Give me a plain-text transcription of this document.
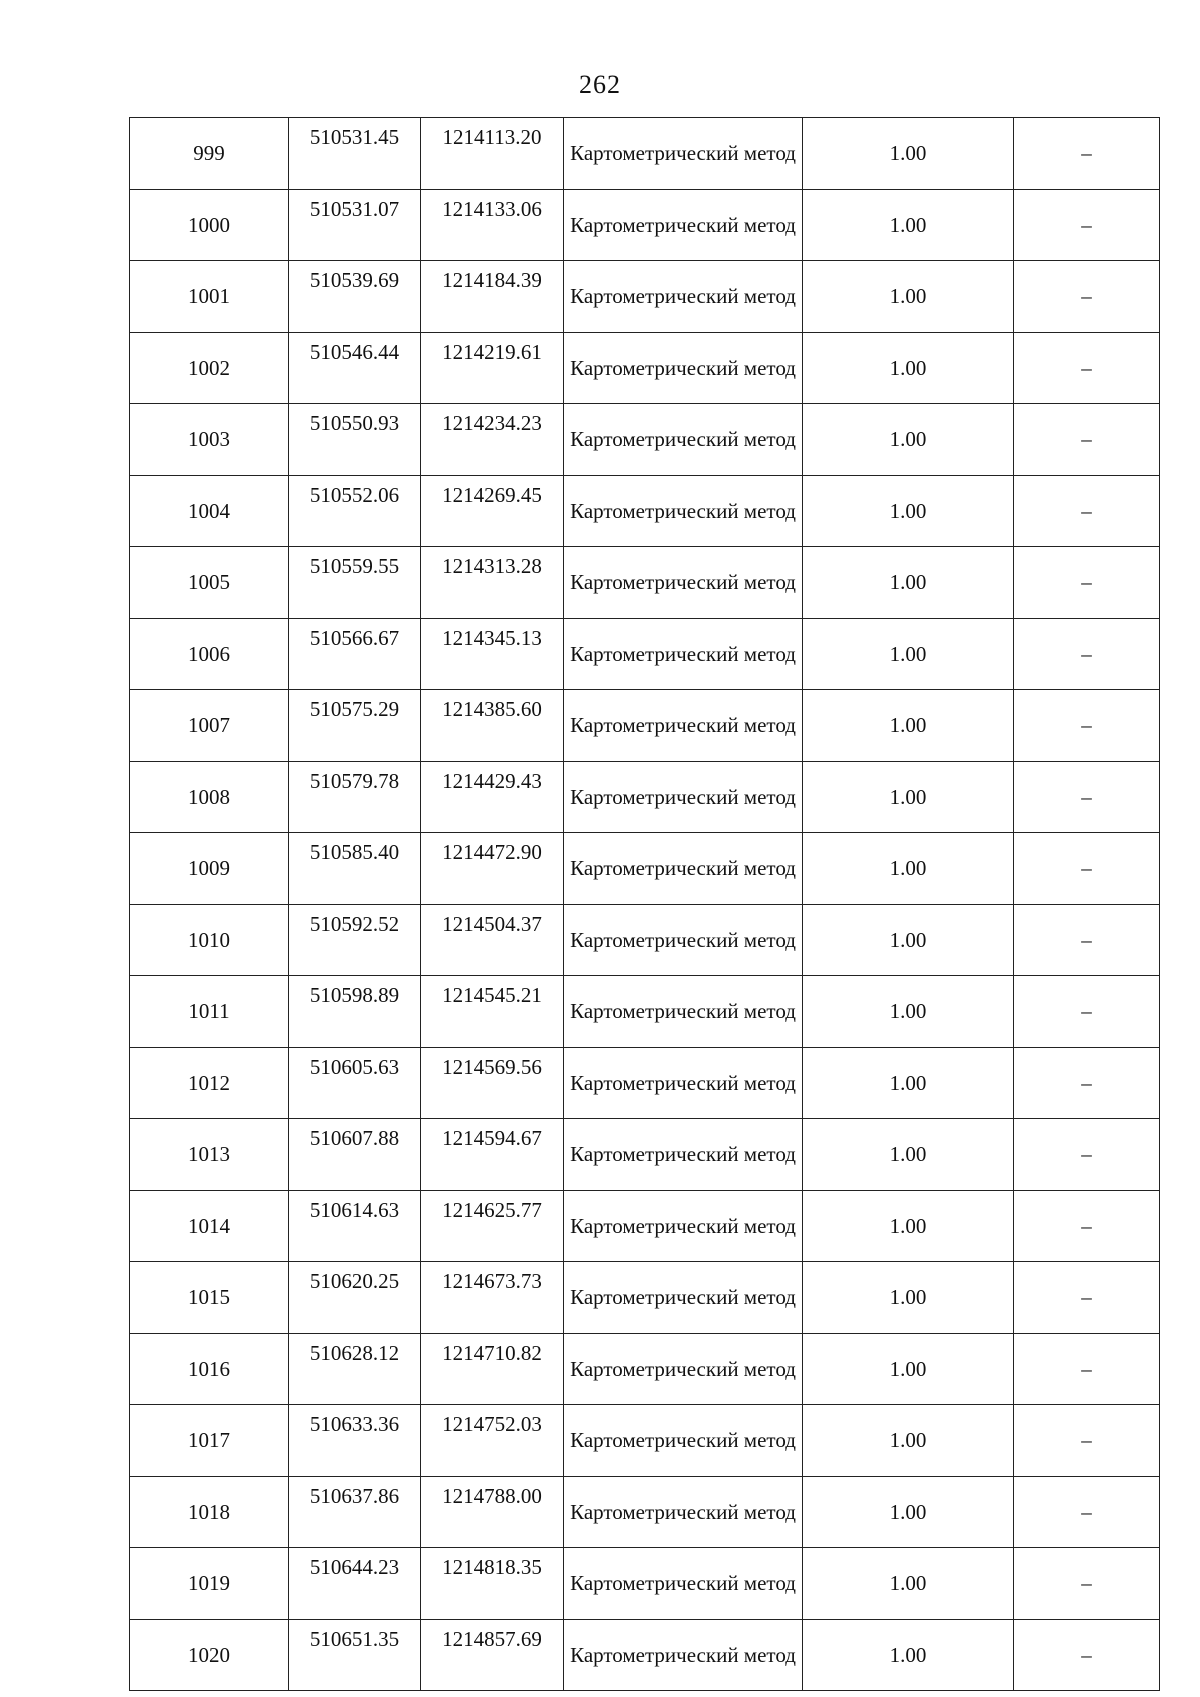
262
999	510531.45	1214113.20	Картометрический метод	1.00	–
1000	510531.07	1214133.06	Картометрический метод	1.00	–
1001	510539.69	1214184.39	Картометрический метод	1.00	–
1002	510546.44	1214219.61	Картометрический метод	1.00	–
1003	510550.93	1214234.23	Картометрический метод	1.00	–
1004	510552.06	1214269.45	Картометрический метод	1.00	–
1005	510559.55	1214313.28	Картометрический метод	1.00	–
1006	510566.67	1214345.13	Картометрический метод	1.00	–
1007	510575.29	1214385.60	Картометрический метод	1.00	–
1008	510579.78	1214429.43	Картометрический метод	1.00	–
1009	510585.40	1214472.90	Картометрический метод	1.00	–
1010	510592.52	1214504.37	Картометрический метод	1.00	–
1011	510598.89	1214545.21	Картометрический метод	1.00	–
1012	510605.63	1214569.56	Картометрический метод	1.00	–
1013	510607.88	1214594.67	Картометрический метод	1.00	–
1014	510614.63	1214625.77	Картометрический метод	1.00	–
1015	510620.25	1214673.73	Картометрический метод	1.00	–
1016	510628.12	1214710.82	Картометрический метод	1.00	–
1017	510633.36	1214752.03	Картометрический метод	1.00	–
1018	510637.86	1214788.00	Картометрический метод	1.00	–
1019	510644.23	1214818.35	Картометрический метод	1.00	–
1020	510651.35	1214857.69	Картометрический метод	1.00	–
